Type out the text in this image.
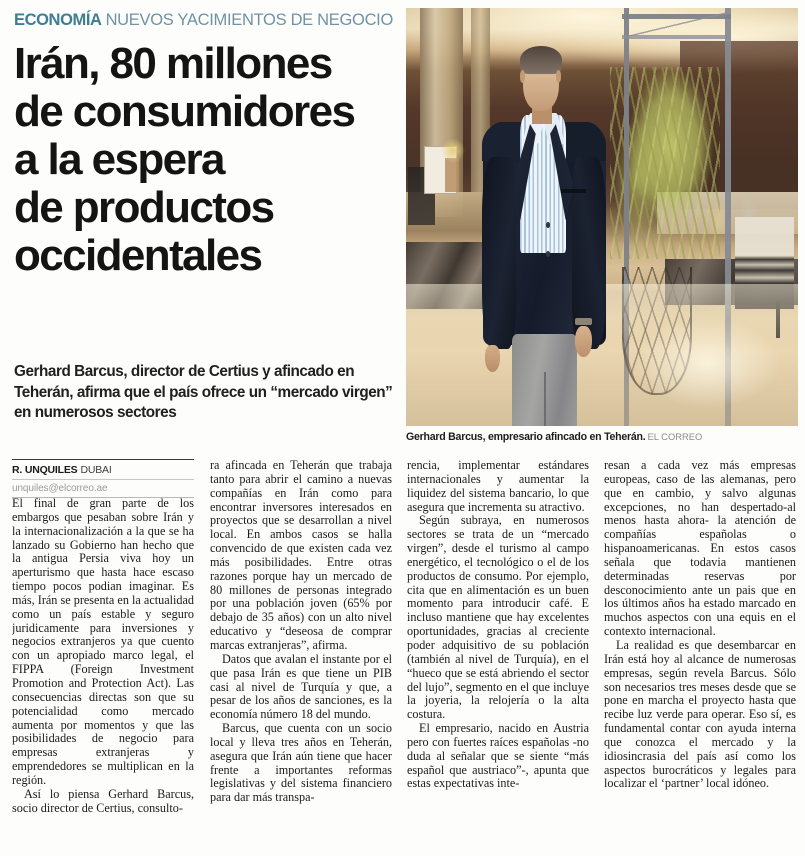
ECONOMÍA NUEVOS YACIMIENTOS DE NEGOCIO
Irán, 80 millones
de consumidores
a la espera
de productos
occidentales
Gerhard Barcus, director de Certius y afincado en Teherán, afirma que el país ofrece un “mercado virgen” en numerosos sectores
Gerhard Barcus, empresario afincado en Teherán. EL CORREO
R. UNQUILES DUBAI
unquiles@elcorreo.ae

El final de gran parte de los embargos que pesaban sobre Irán y la internacionalización a la que se ha lanzado su Gobierno han hecho que la antigua Persia viva hoy un aperturismo que hasta hace escaso tiempo pocos podian imaginar. Es más, Irán se presenta en la actualidad como un país estable y seguro juridicamente para inversiones y negocios extranjeros ya que cuento con un apropiado marco legal, el FIPPA (Foreign Investment Promotion and Protection Act). Las consecuencias directas son que su potencialidad como mercado aumenta por momentos y que las posibilidades de negocio para empresas extranjeras y emprendedores se multiplican en la región.

Así lo piensa Gerhard Barcus, socio director de Certius, consulto-

ra afincada en Teherán que trabaja tanto para abrir el camino a nuevas compañías en Irán como para encontrar inversores interesados en proyectos que se desarrollan a nivel local. En ambos casos se halla convencido de que existen cada vez más posibilidades. Entre otras razones porque hay un mercado de 80 millones de personas integrado por una población joven (65% por debajo de 35 años) con un alto nivel educativo y “deseosa de comprar marcas extranjeras”, afirma.

Datos que avalan el instante por el que pasa Irán es que tiene un PIB casi al nivel de Turquía y que, a pesar de los años de sanciones, es la economía número 18 del mundo.

Barcus, que cuenta con un socio local y lleva tres años en Teherán, asegura que Irán aún tiene que hacer frente a importantes reformas legislativas y del sistema financiero para dar más transpa-

rencia, implementar estándares internacionales y aumentar la liquidez del sistema bancario, lo que asegura que incrementa su atractivo.

Según subraya, en numerosos sectores se trata de un “mercado virgen”, desde el turismo al campo energético, el tecnológico o el de los productos de consumo. Por ejemplo, cita que en alimentación es un buen momento para introducir café. E incluso mantiene que hay excelentes oportunidades, gracias al creciente poder adquisitivo de su población (también al nivel de Turquía), en el “hueco que se está abriendo el sector del lujo”, segmento en el que incluye la joyeria, la relojería o la alta costura.

El empresario, nacido en Austria pero con fuertes raíces españolas -no duda al señalar que se siente “más español que austriaco”-, apunta que estas expectativas inte-

resan a cada vez más empresas europeas, caso de las alemanas, pero que en cambio, y salvo algunas excepciones, no han despertado-al menos hasta ahora- la atención de compañías españolas o hispanoamericanas. En estos casos señala que todavia mantienen determinadas reservas por desconocimiento ante un pais que en los últimos años ha estado marcado en muchos aspectos con una equis en el contexto internacional.

La realidad es que desembarcar en Irán está hoy al alcance de numerosas empresas, según revela Barcus. Sólo son necesarios tres meses desde que se pone en marcha el proyecto hasta que recibe luz verde para operar. Eso sí, es fundamental contar con ayuda interna que conozca el mercado y la idiosincrasia del país así como los aspectos burocráticos y legales para localizar el ‘partner’ local idóneo.
